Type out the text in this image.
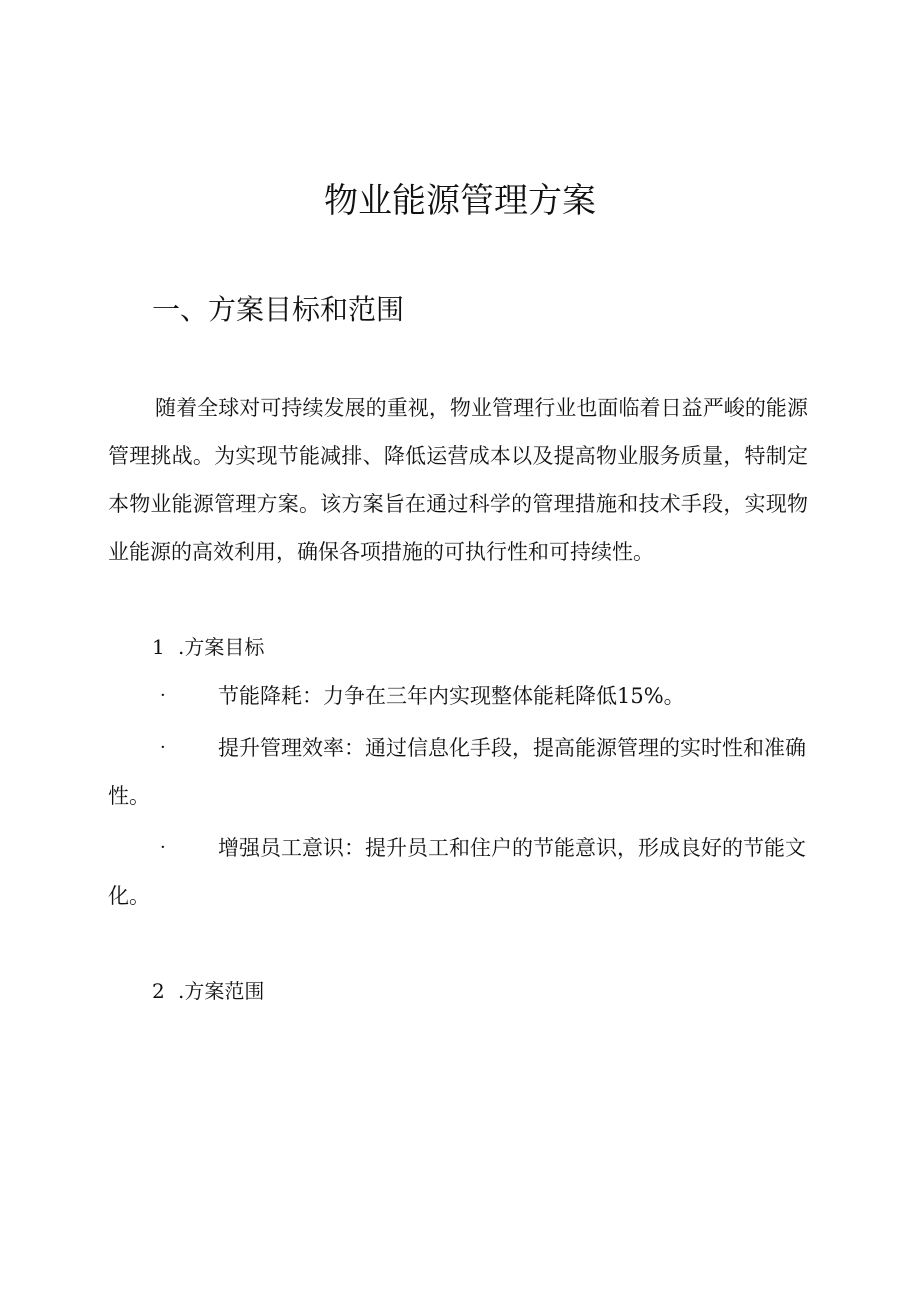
物业能源管理方案
一、方案目标和范围

随着全球对可持续发展的重视，物业管理行业也面临着日益严峻的能源管理挑战。为实现节能减排、降低运营成本以及提高物业服务质量，特制定本物业能源管理方案。该方案旨在通过科学的管理措施和技术手段，实现物业能源的高效利用，确保各项措施的可执行性和可持续性。

1 .方案目标
· 节能降耗：力争在三年内实现整体能耗降低15%。
· 提升管理效率：通过信息化手段，提高能源管理的实时性和准确性。
· 增强员工意识：提升员工和住户的节能意识，形成良好的节能文化。
2 .方案范围
